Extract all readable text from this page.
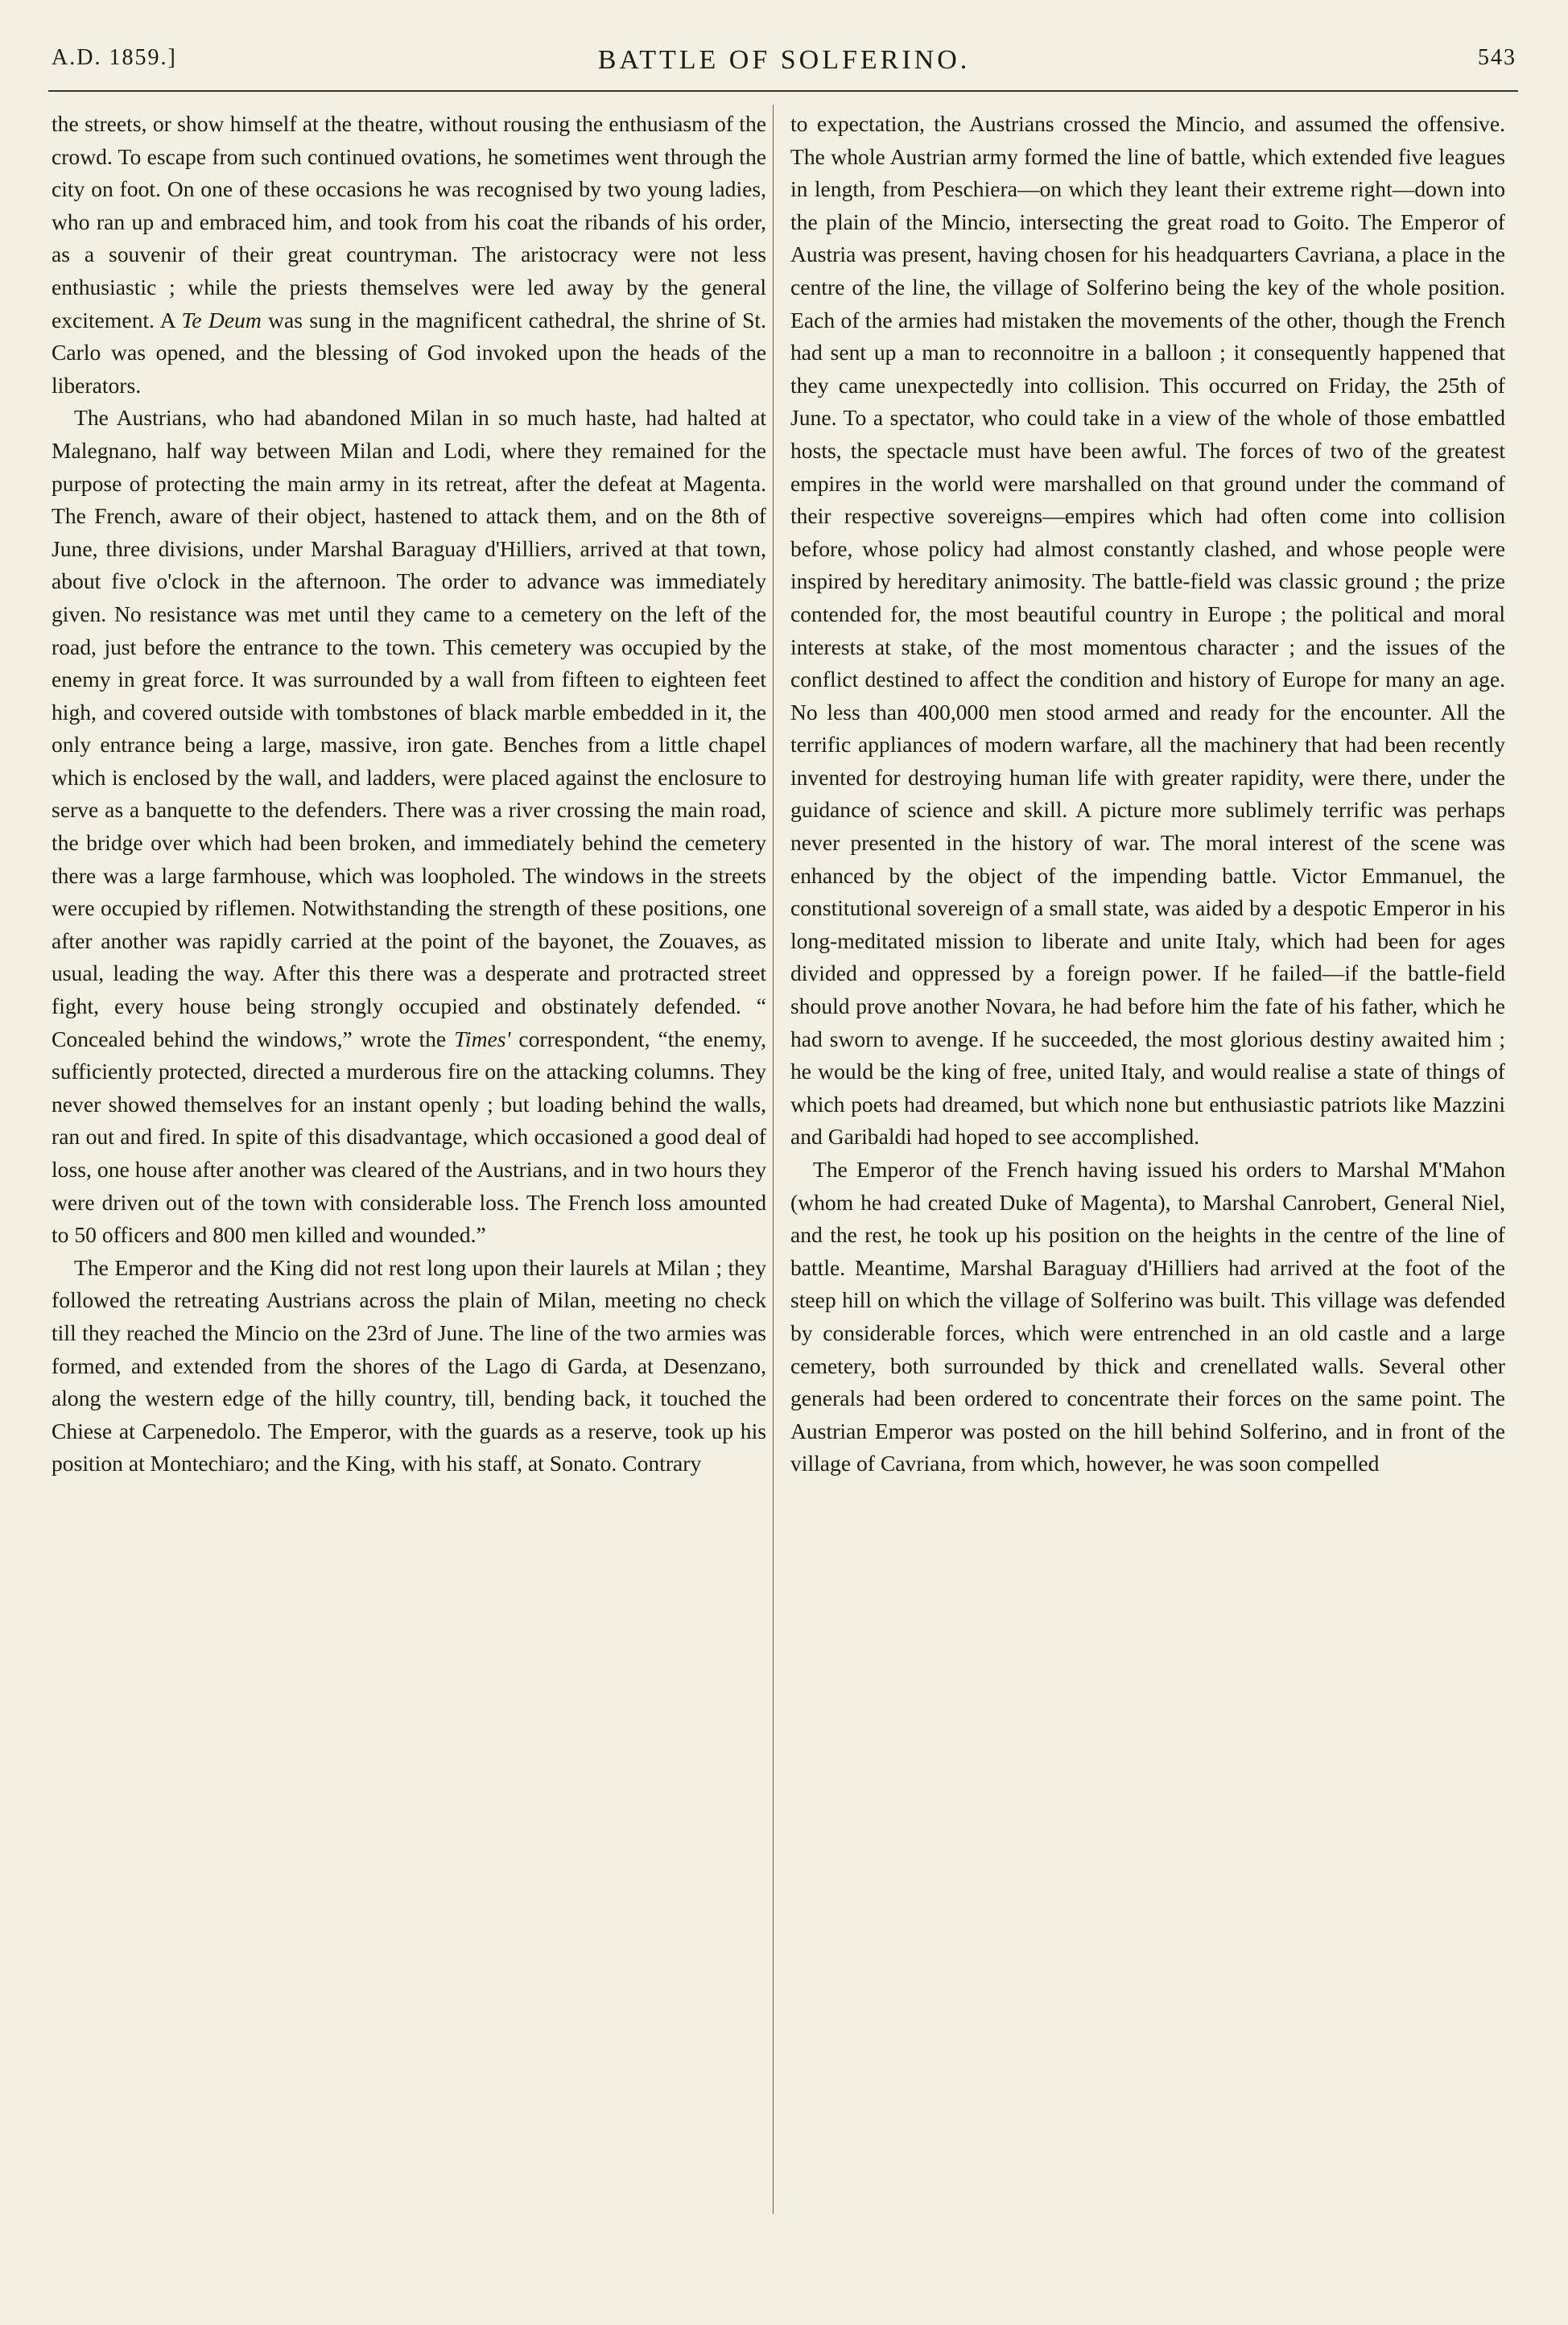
A.D. 1859.]	BATTLE OF SOLFERINO.	543

the streets, or show himself at the theatre, without rousing the enthusiasm of the crowd. To escape from such continued ovations, he sometimes went through the city on foot. On one of these occasions he was recognised by two young ladies, who ran up and embraced him, and took from his coat the ribands of his order, as a souvenir of their great countryman. The aristocracy were not less enthusiastic ; while the priests themselves were led away by the general excitement. A Te Deum was sung in the magnificent cathedral, the shrine of St. Carlo was opened, and the blessing of God invoked upon the heads of the liberators.

The Austrians, who had abandoned Milan in so much haste, had halted at Malegnano, half way between Milan and Lodi, where they remained for the purpose of protecting the main army in its retreat, after the defeat at Magenta. The French, aware of their object, hastened to attack them, and on the 8th of June, three divisions, under Marshal Baraguay d'Hilliers, arrived at that town, about five o'clock in the afternoon. The order to advance was immediately given. No resistance was met until they came to a cemetery on the left of the road, just before the entrance to the town. This cemetery was occupied by the enemy in great force. It was surrounded by a wall from fifteen to eighteen feet high, and covered outside with tombstones of black marble embedded in it, the only entrance being a large, massive, iron gate. Benches from a little chapel which is enclosed by the wall, and ladders, were placed against the enclosure to serve as a banquette to the defenders. There was a river crossing the main road, the bridge over which had been broken, and immediately behind the cemetery there was a large farmhouse, which was loopholed. The windows in the streets were occupied by riflemen. Notwithstanding the strength of these positions, one after another was rapidly carried at the point of the bayonet, the Zouaves, as usual, leading the way. After this there was a desperate and protracted street fight, every house being strongly occupied and obstinately defended. “ Concealed behind the windows,” wrote the Times' correspondent, “the enemy, sufficiently protected, directed a murderous fire on the attacking columns. They never showed themselves for an instant openly ; but loading behind the walls, ran out and fired. In spite of this disadvantage, which occasioned a good deal of loss, one house after another was cleared of the Austrians, and in two hours they were driven out of the town with considerable loss. The French loss amounted to 50 officers and 800 men killed and wounded.”

The Emperor and the King did not rest long upon their laurels at Milan ; they followed the retreating Austrians across the plain of Milan, meeting no check till they reached the Mincio on the 23rd of June. The line of the two armies was formed, and extended from the shores of the Lago di Garda, at Desenzano, along the western edge of the hilly country, till, bending back, it touched the Chiese at Carpenedolo. The Emperor, with the guards as a reserve, took up his position at Montechiaro; and the King, with his staff, at Sonato. Contrary

to expectation, the Austrians crossed the Mincio, and assumed the offensive. The whole Austrian army formed the line of battle, which extended five leagues in length, from Peschiera—on which they leant their extreme right—down into the plain of the Mincio, intersecting the great road to Goito. The Emperor of Austria was present, having chosen for his headquarters Cavriana, a place in the centre of the line, the village of Solferino being the key of the whole position. Each of the armies had mistaken the movements of the other, though the French had sent up a man to reconnoitre in a balloon ; it consequently happened that they came unexpectedly into collision. This occurred on Friday, the 25th of June. To a spectator, who could take in a view of the whole of those embattled hosts, the spectacle must have been awful. The forces of two of the greatest empires in the world were marshalled on that ground under the command of their respective sovereigns—empires which had often come into collision before, whose policy had almost constantly clashed, and whose people were inspired by hereditary animosity. The battle-field was classic ground ; the prize contended for, the most beautiful country in Europe ; the political and moral interests at stake, of the most momentous character ; and the issues of the conflict destined to affect the condition and history of Europe for many an age. No less than 400,000 men stood armed and ready for the encounter. All the terrific appliances of modern warfare, all the machinery that had been recently invented for destroying human life with greater rapidity, were there, under the guidance of science and skill. A picture more sublimely terrific was perhaps never presented in the history of war. The moral interest of the scene was enhanced by the object of the impending battle. Victor Emmanuel, the constitutional sovereign of a small state, was aided by a despotic Emperor in his long-meditated mission to liberate and unite Italy, which had been for ages divided and oppressed by a foreign power. If he failed—if the battle-field should prove another Novara, he had before him the fate of his father, which he had sworn to avenge. If he succeeded, the most glorious destiny awaited him ; he would be the king of free, united Italy, and would realise a state of things of which poets had dreamed, but which none but enthusiastic patriots like Mazzini and Garibaldi had hoped to see accomplished.

The Emperor of the French having issued his orders to Marshal M'Mahon (whom he had created Duke of Magenta), to Marshal Canrobert, General Niel, and the rest, he took up his position on the heights in the centre of the line of battle. Meantime, Marshal Baraguay d'Hilliers had arrived at the foot of the steep hill on which the village of Solferino was built. This village was defended by considerable forces, which were entrenched in an old castle and a large cemetery, both surrounded by thick and crenellated walls. Several other generals had been ordered to concentrate their forces on the same point. The Austrian Emperor was posted on the hill behind Solferino, and in front of the village of Cavriana, from which, however, he was soon compelled
